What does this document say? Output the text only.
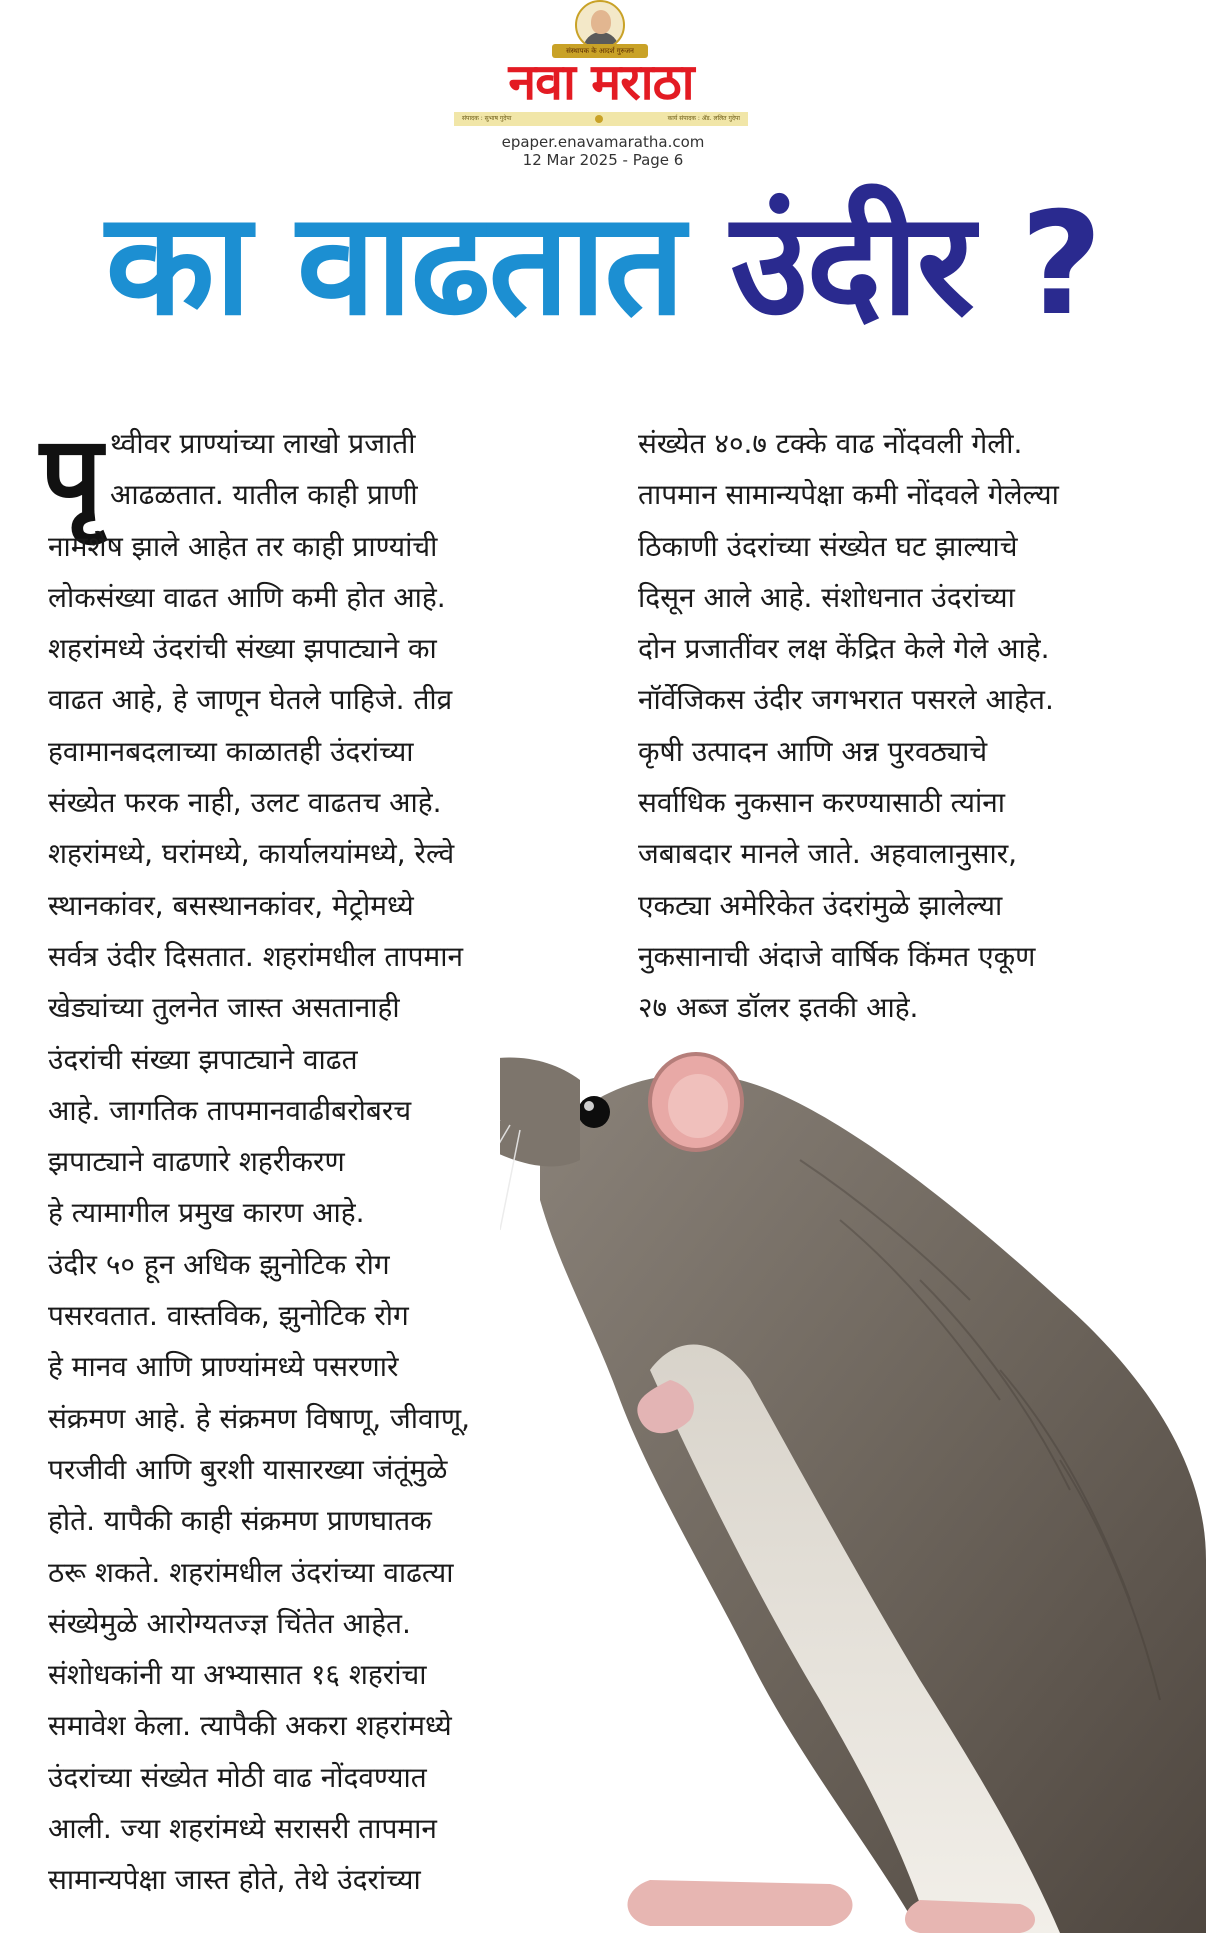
संस्थापक के आदर्श गुरुजन
नवा मराठा
संपादक : सुभाष गुदेपा	कार्य संपादक : ॲड. ललित गुदेपा
epaper.enavamaratha.com
12 Mar 2025 - Page 6
का वाढतात उंदीर ?
पृ थ्वीवर प्राण्यांच्या लाखो प्रजाती
आढळतात. यातील काही प्राणी
नामशेष झाले आहेत तर काही प्राण्यांची
लोकसंख्या वाढत आणि कमी होत आहे.
शहरांमध्ये उंदरांची संख्या झपाट्याने का
वाढत आहे, हे जाणून घेतले पाहिजे. तीव्र
हवामानबदलाच्या काळातही उंदरांच्या
संख्येत फरक नाही, उलट वाढतच आहे.
शहरांमध्ये, घरांमध्ये, कार्यालयांमध्ये, रेल्वे
स्थानकांवर, बसस्थानकांवर, मेट्रोमध्ये
सर्वत्र उंदीर दिसतात. शहरांमधील तापमान
खेड्यांच्या तुलनेत जास्त असतानाही
उंदरांची संख्या झपाट्याने वाढत
आहे. जागतिक तापमानवाढीबरोबरच
झपाट्याने वाढणारे शहरीकरण
हे त्यामागील प्रमुख कारण आहे.
उंदीर ५० हून अधिक झुनोटिक रोग
पसरवतात. वास्तविक, झुनोटिक रोग
हे मानव आणि प्राण्यांमध्ये पसरणारे
संक्रमण आहे. हे संक्रमण विषाणू, जीवाणू,
परजीवी आणि बुरशी यासारख्या जंतूंमुळे
होते. यापैकी काही संक्रमण प्राणघातक
ठरू शकते. शहरांमधील उंदरांच्या वाढत्या
संख्येमुळे आरोग्यतज्ज्ञ चिंतेत आहेत.
संशोधकांनी या अभ्यासात १६ शहरांचा
समावेश केला. त्यापैकी अकरा शहरांमध्ये
उंदरांच्या संख्येत मोठी वाढ नोंदवण्यात
आली. ज्या शहरांमध्ये सरासरी तापमान
सामान्यपेक्षा जास्त होते, तेथे उंदरांच्या
संख्येत ४०.७ टक्के वाढ नोंदवली गेली.
तापमान सामान्यपेक्षा कमी नोंदवले गेलेल्या
ठिकाणी उंदरांच्या संख्येत घट झाल्याचे
दिसून आले आहे. संशोधनात उंदरांच्या
दोन प्रजातींवर लक्ष केंद्रित केले गेले आहे.
नॉर्वेजिकस उंदीर जगभरात पसरले आहेत.
कृषी उत्पादन आणि अन्न पुरवठ्याचे
सर्वाधिक नुकसान करण्यासाठी त्यांना
जबाबदार मानले जाते. अहवालानुसार,
एकट्या अमेरिकेत उंदरांमुळे झालेल्या
नुकसानाची अंदाजे वार्षिक किंमत एकूण
२७ अब्ज डॉलर इतकी आहे.
